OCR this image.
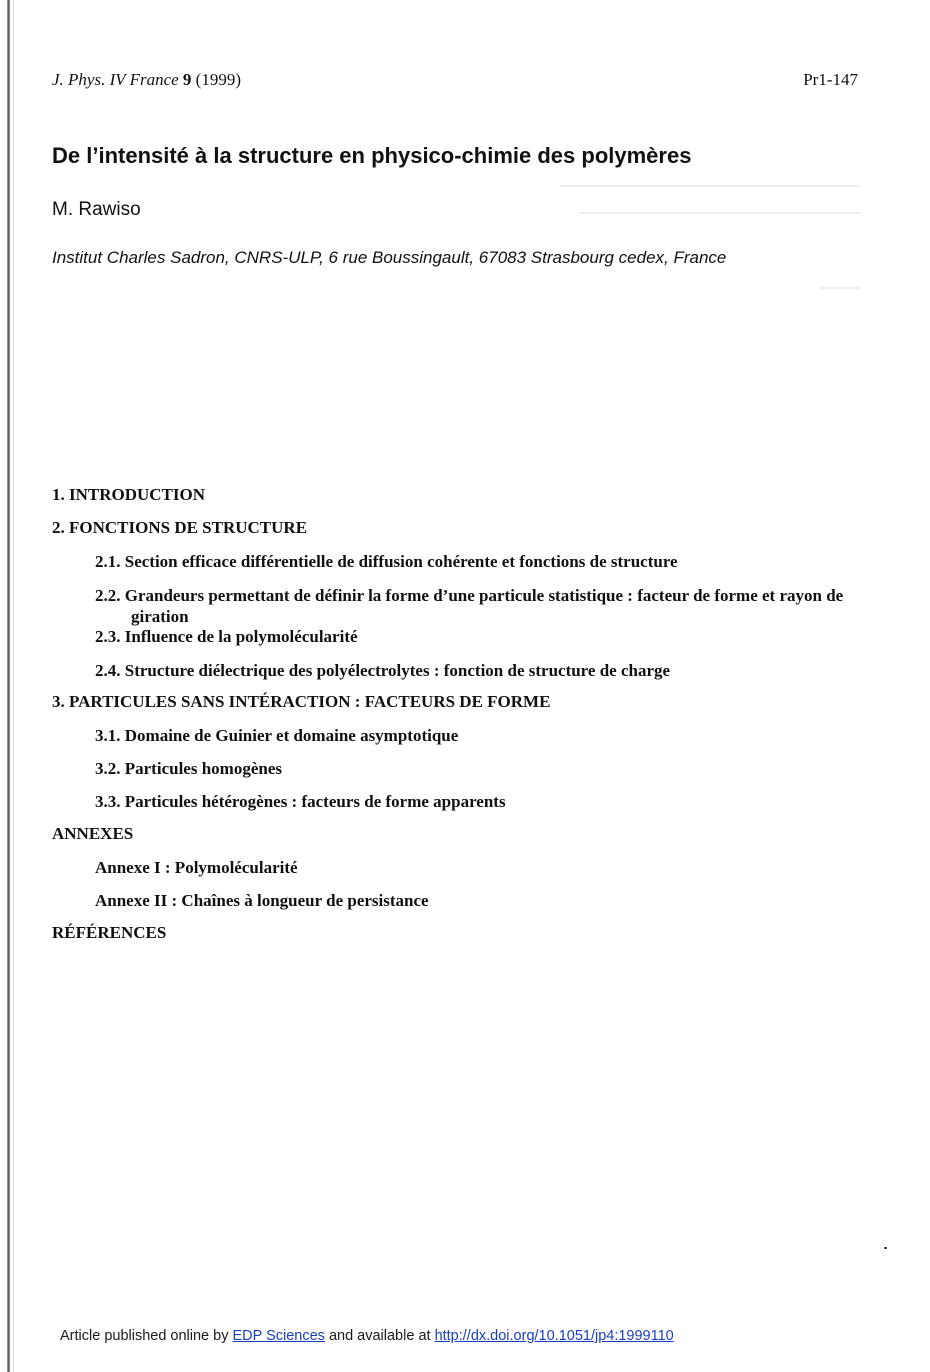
J. Phys. IV France 9 (1999)	Pr1-147
De l’intensité à la structure en physico-chimie des polymères
M. Rawiso
Institut Charles Sadron, CNRS-ULP, 6 rue Boussingault, 67083 Strasbourg cedex, France
1. INTRODUCTION
2. FONCTIONS DE STRUCTURE
2.1. Section efficace différentielle de diffusion cohérente et fonctions de structure
2.2. Grandeurs permettant de définir la forme d’une particule statistique : facteur de forme et rayon de giration
2.3. Influence de la polymolécularité
2.4. Structure diélectrique des polyélectrolytes : fonction de structure de charge
3. PARTICULES SANS INTÉRACTION : FACTEURS DE FORME
3.1. Domaine de Guinier et domaine asymptotique
3.2. Particules homogènes
3.3. Particules hétérogènes : facteurs de forme apparents
ANNEXES
Annexe I : Polymolécularité
Annexe II : Chaînes à longueur de persistance
RÉFÉRENCES
Article published online by EDP Sciences and available at http://dx.doi.org/10.1051/jp4:1999110
